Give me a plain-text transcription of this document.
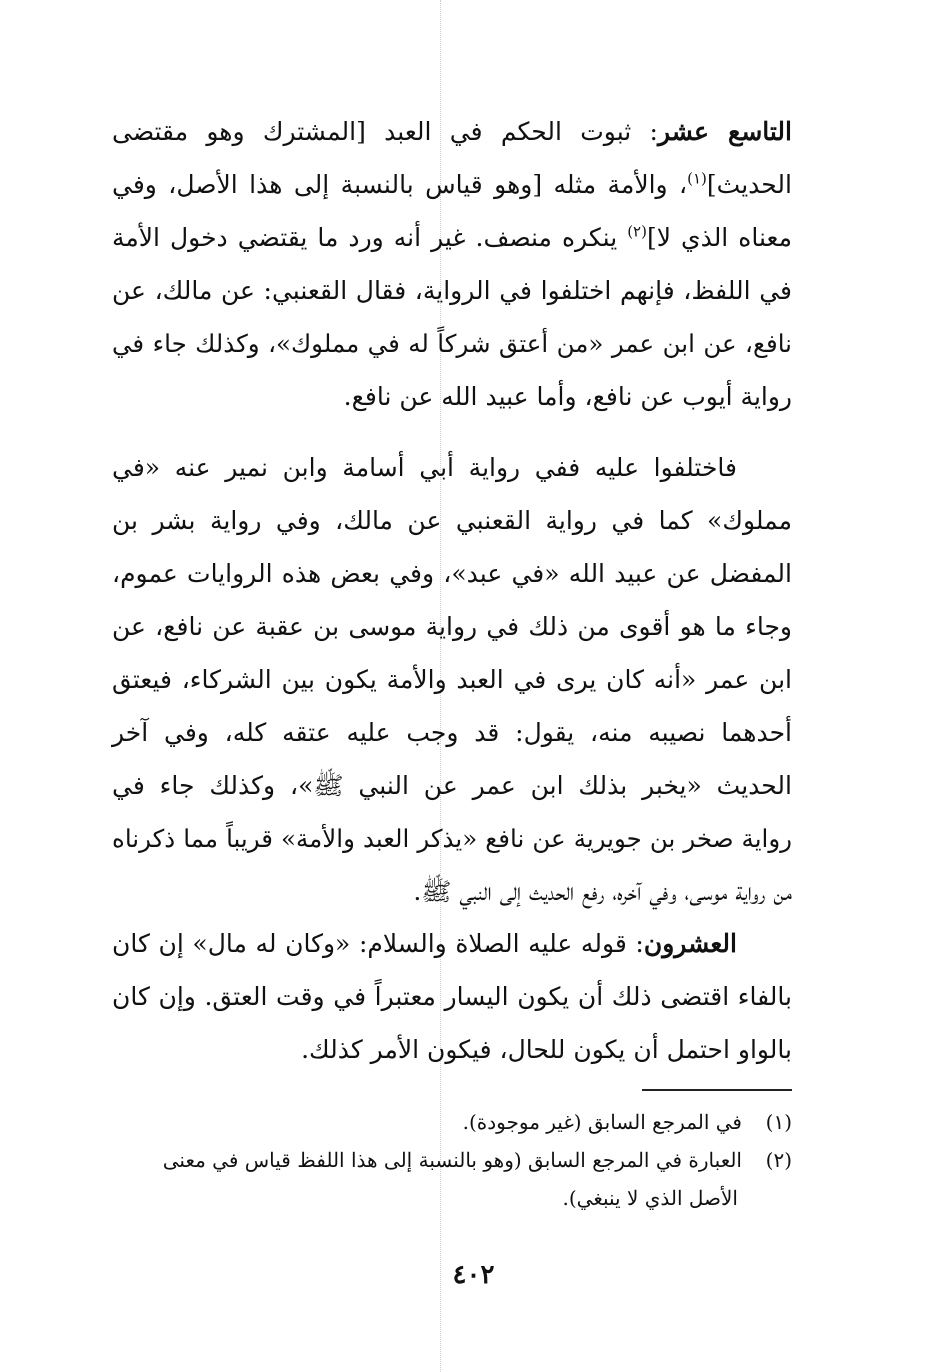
التاسع عشر: ثبوت الحكم في العبد [المشترك وهو مقتضى
الحديث]$^{(١)}$، والأمة مثله [وهو قياس بالنسبة إلى هذا الأصل، وفي
معناه الذي لا]$^{(٢)}$ ينكره منصف. غير أنه ورد ما يقتضي دخول الأمة
في اللفظ، فإنهم اختلفوا في الرواية، فقال القعنبي: عن مالك، عن
نافع، عن ابن عمر «من أعتق شركاً له في مملوك»، وكذلك جاء في
رواية أيوب عن نافع، وأما عبيد الله عن نافع.
فاختلفوا عليه ففي رواية أبي أسامة وابن نمير عنه «في
مملوك» كما في رواية القعنبي عن مالك، وفي رواية بشر بن
المفضل عن عبيد الله «في عبد»، وفي بعض هذه الروايات عموم،
وجاء ما هو أقوى من ذلك في رواية موسى بن عقبة عن نافع، عن
ابن عمر «أنه كان يرى في العبد والأمة يكون بين الشركاء، فيعتق
أحدهما نصيبه منه، يقول: قد وجب عليه عتقه كله، وفي آخر
الحديث «يخبر بذلك ابن عمر عن النبي ﷺ»، وكذلك جاء في
رواية صخر بن جويرية عن نافع «يذكر العبد والأمة» قريباً مما ذكرناه
من رواية موسى، وفي آخره، رفع الحديث إلى النبي ﷺ.
العشرون: قوله عليه الصلاة والسلام: «وكان له مال» إن كان
بالفاء اقتضى ذلك أن يكون اليسار معتبراً في وقت العتق. وإن كان
بالواو احتمل أن يكون للحال، فيكون الأمر كذلك.
(١)في المرجع السابق (غير موجودة).
(٢)العبارة في المرجع السابق (وهو بالنسبة إلى هذا اللفظ قياس في معنى
الأصل الذي لا ينبغي).
٤٠٢
